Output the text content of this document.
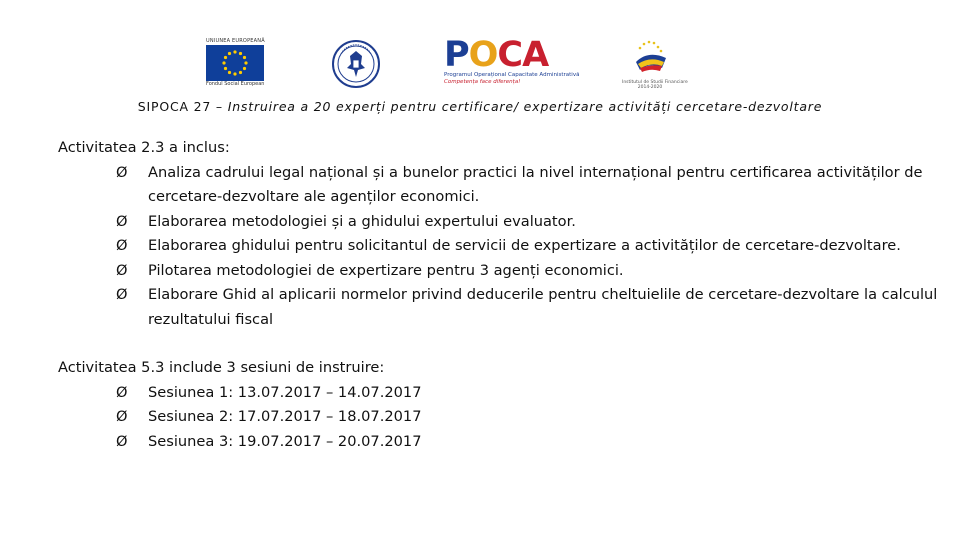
UNIUNEA EUROPEANĂ
Fondul Social European
POCA
Programul Operațional Capacitate Administrativă
Competența face diferența!	Institutul de Studii Financiare
2014-2020
SIPOCA 27 – Instruirea a 20 experți pentru certificare/ expertizare activități cercetare-dezvoltare

Activitatea 2.3 a inclus:

Ø	Analiza cadrului legal național și a bunelor practici la nivel internațional pentru certificarea activităților de cercetare-dezvoltare ale agenților economici.
Ø	Elaborarea metodologiei și a ghidului expertului evaluator.
Ø	Elaborarea ghidului pentru solicitantul de servicii de expertizare a activităților de cercetare-dezvoltare.
Ø	Pilotarea metodologiei de expertizare pentru 3 agenți economici.
Ø	Elaborare Ghid al aplicarii normelor privind deducerile pentru cheltuielile de cercetare-dezvoltare la calculul rezultatului fiscal

Activitatea 5.3 include 3 sesiuni de instruire:

Ø	Sesiunea 1: 13.07.2017 – 14.07.2017
Ø	Sesiunea 2: 17.07.2017 – 18.07.2017
Ø	Sesiunea 3: 19.07.2017 – 20.07.2017
